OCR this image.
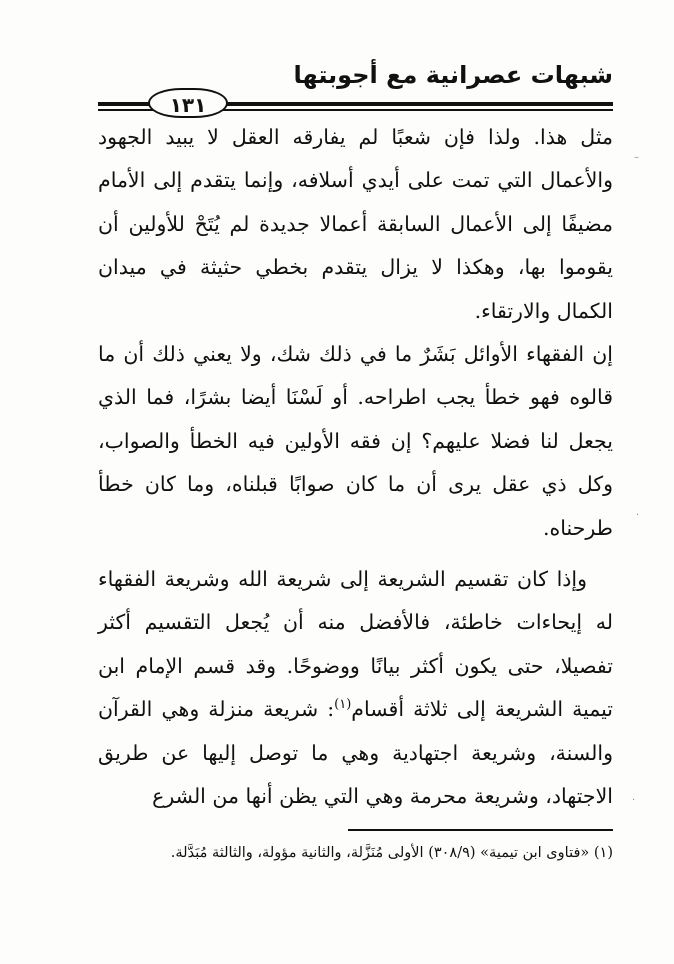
شبهات عصرانية مع أجوبتها
١٣١

مثل هذا. ولذا فإن شعبًا لم يفارقه العقل لا يبيد الجهود والأعمال التي تمت على أيدي أسلافه، وإنما يتقدم إلى الأمام مضيفًا إلى الأعمال السابقة أعمالا جديدة لم يُتَحْ للأولين أن يقوموا بها، وهكذا لا يزال يتقدم بخطي حثيثة في ميدان الكمال والارتقاء.

إن الفقهاء الأوائل بَشَرٌ ما في ذلك شك، ولا يعني ذلك أن ما قالوه فهو خطأ يجب اطراحه. أو لَسْنَا أيضا بشرًا، فما الذي يجعل لنا فضلا عليهم؟ إن فقه الأولين فيه الخطأ والصواب، وكل ذي عقل يرى أن ما كان صوابًا قبلناه، وما كان خطأ طرحناه.

وإذا كان تقسيم الشريعة إلى شريعة الله وشريعة الفقهاء له إيحاءات خاطئة، فالأفضل منه أن يُجعل التقسيم أكثر تفصيلا، حتى يكون أكثر بيانًا ووضوحًا. وقد قسم الإمام ابن تيمية الشريعة إلى ثلاثة أقسام$^{(١)}$: شريعة منزلة وهي القرآن والسنة، وشريعة اجتهادية وهي ما توصل إليها عن طريق الاجتهاد، وشريعة محرمة وهي التي يظن أنها من الشرع

(١) «فتاوى ابن تيمية» (٣٠٨/٩) الأولى مُنَزَّلة، والثانية مؤولة، والثالثة مُبَدَّلة.
–
·
·
